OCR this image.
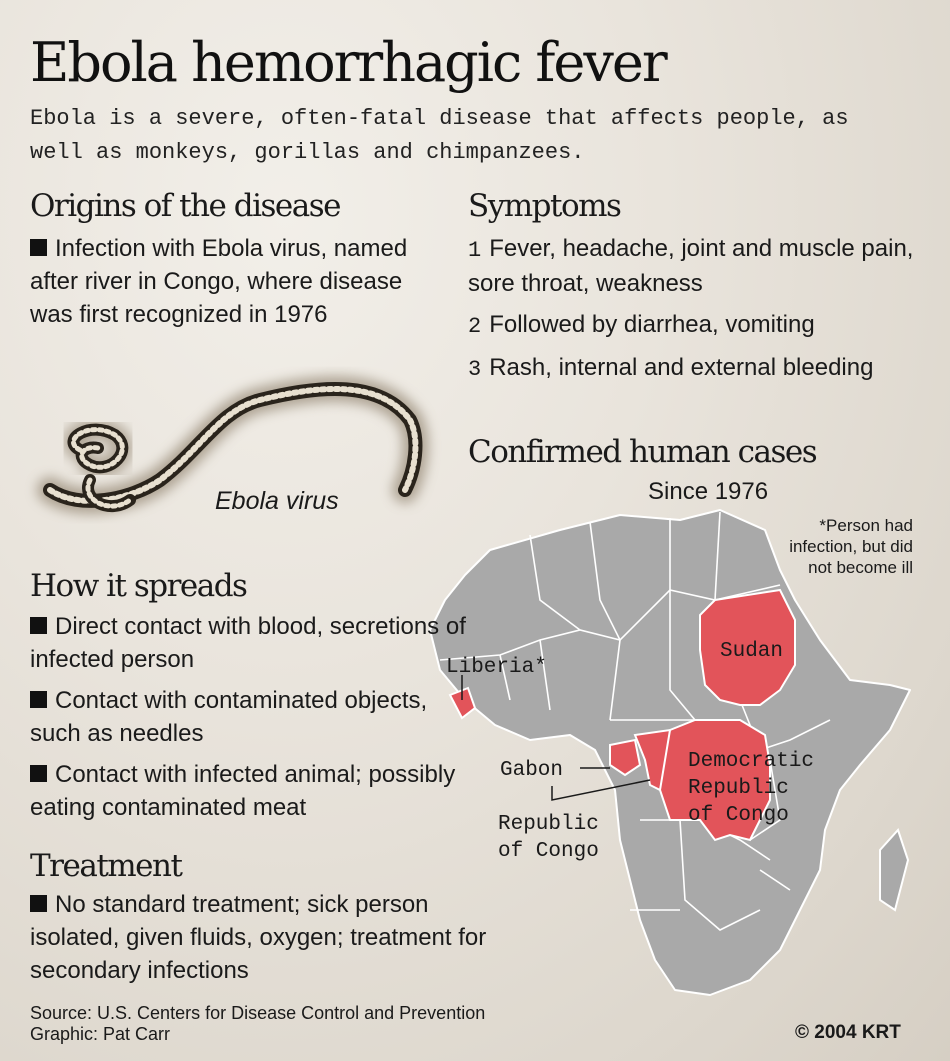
Ebola hemorrhagic fever
Ebola is a severe, often-fatal disease that affects people, as well as monkeys, gorillas and chimpanzees.
Origins of the disease
Infection with Ebola virus, named after river in Congo, where disease was first recognized in 1976
Ebola virus
Symptoms
1 Fever, headache, joint and muscle pain, sore throat, weakness
2 Followed by diarrhea, vomiting
3 Rash, internal and external bleeding
Confirmed human cases
Since 1976
*Person had infection, but did not become ill
Liberia*
Sudan
Gabon	Democratic
Republic
of Congo
Republic
of Congo
How it spreads
Direct contact with blood, secretions of infected person
Contact with contaminated objects, such as needles
Contact with infected animal; possibly eating contaminated meat
Treatment
No standard treatment; sick person isolated, given fluids, oxygen; treatment for secondary infections
Source: U.S. Centers for Disease Control and Prevention
Graphic: Pat Carr	© 2004 KRT
